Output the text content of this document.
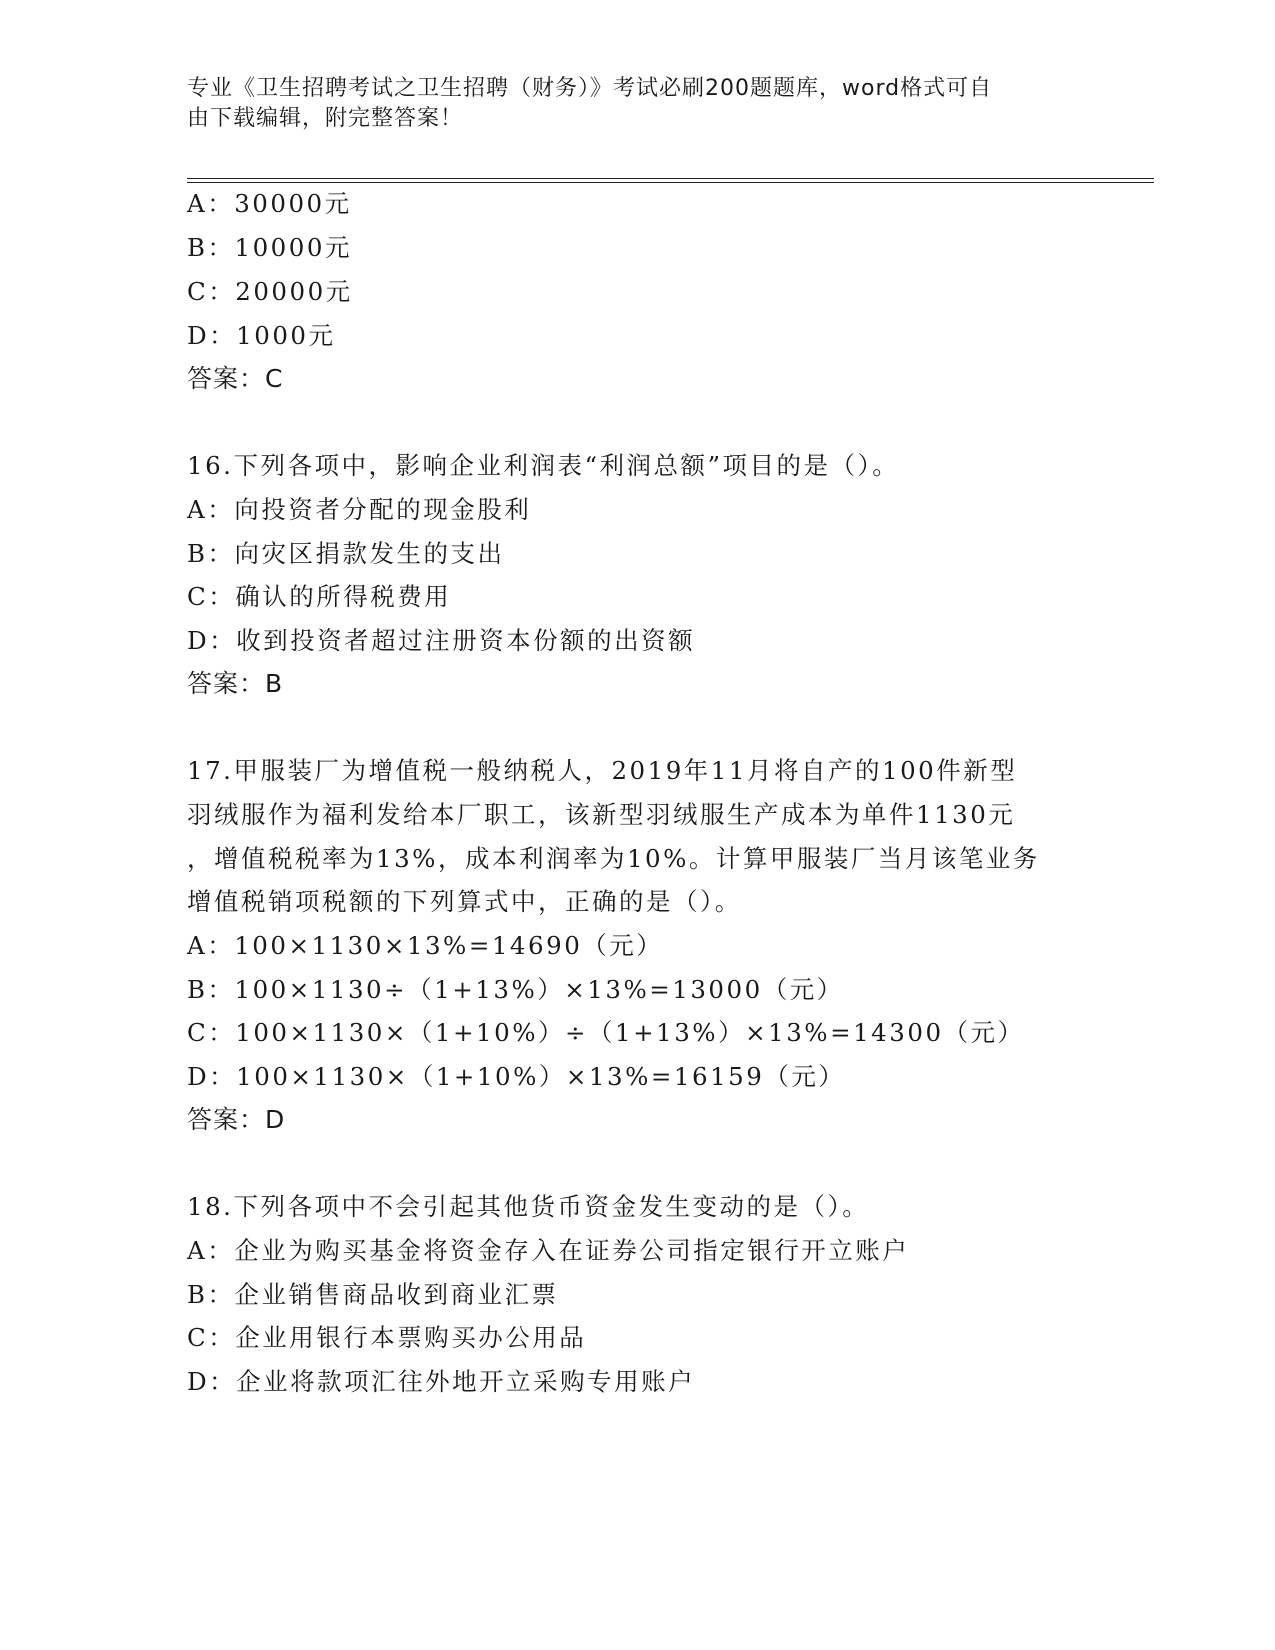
专业《卫生招聘考试之卫生招聘（财务）》考试必刷200题题库，word格式可自
由下载编辑，附完整答案！

A：30000元

B：10000元

C：20000元

D：1000元

答案：C

16.下列各项中，影响企业利润表“利润总额”项目的是（）。

A：向投资者分配的现金股利

B：向灾区捐款发生的支出

C：确认的所得税费用

D：收到投资者超过注册资本份额的出资额

答案：B

17.甲服装厂为增值税一般纳税人，2019年11月将自产的100件新型

羽绒服作为福利发给本厂职工，该新型羽绒服生产成本为单件1130元

，增值税税率为13%，成本利润率为10%。计算甲服装厂当月该笔业务

增值税销项税额的下列算式中，正确的是（）。

A：100×1130×13%=14690（元）

B：100×1130÷（1+13%）×13%=13000（元）

C：100×1130×（1+10%）÷（1+13%）×13%=14300（元）

D：100×1130×（1+10%）×13%=16159（元）

答案：D

18.下列各项中不会引起其他货币资金发生变动的是（）。

A：企业为购买基金将资金存入在证券公司指定银行开立账户

B：企业销售商品收到商业汇票

C：企业用银行本票购买办公用品

D：企业将款项汇往外地开立采购专用账户
